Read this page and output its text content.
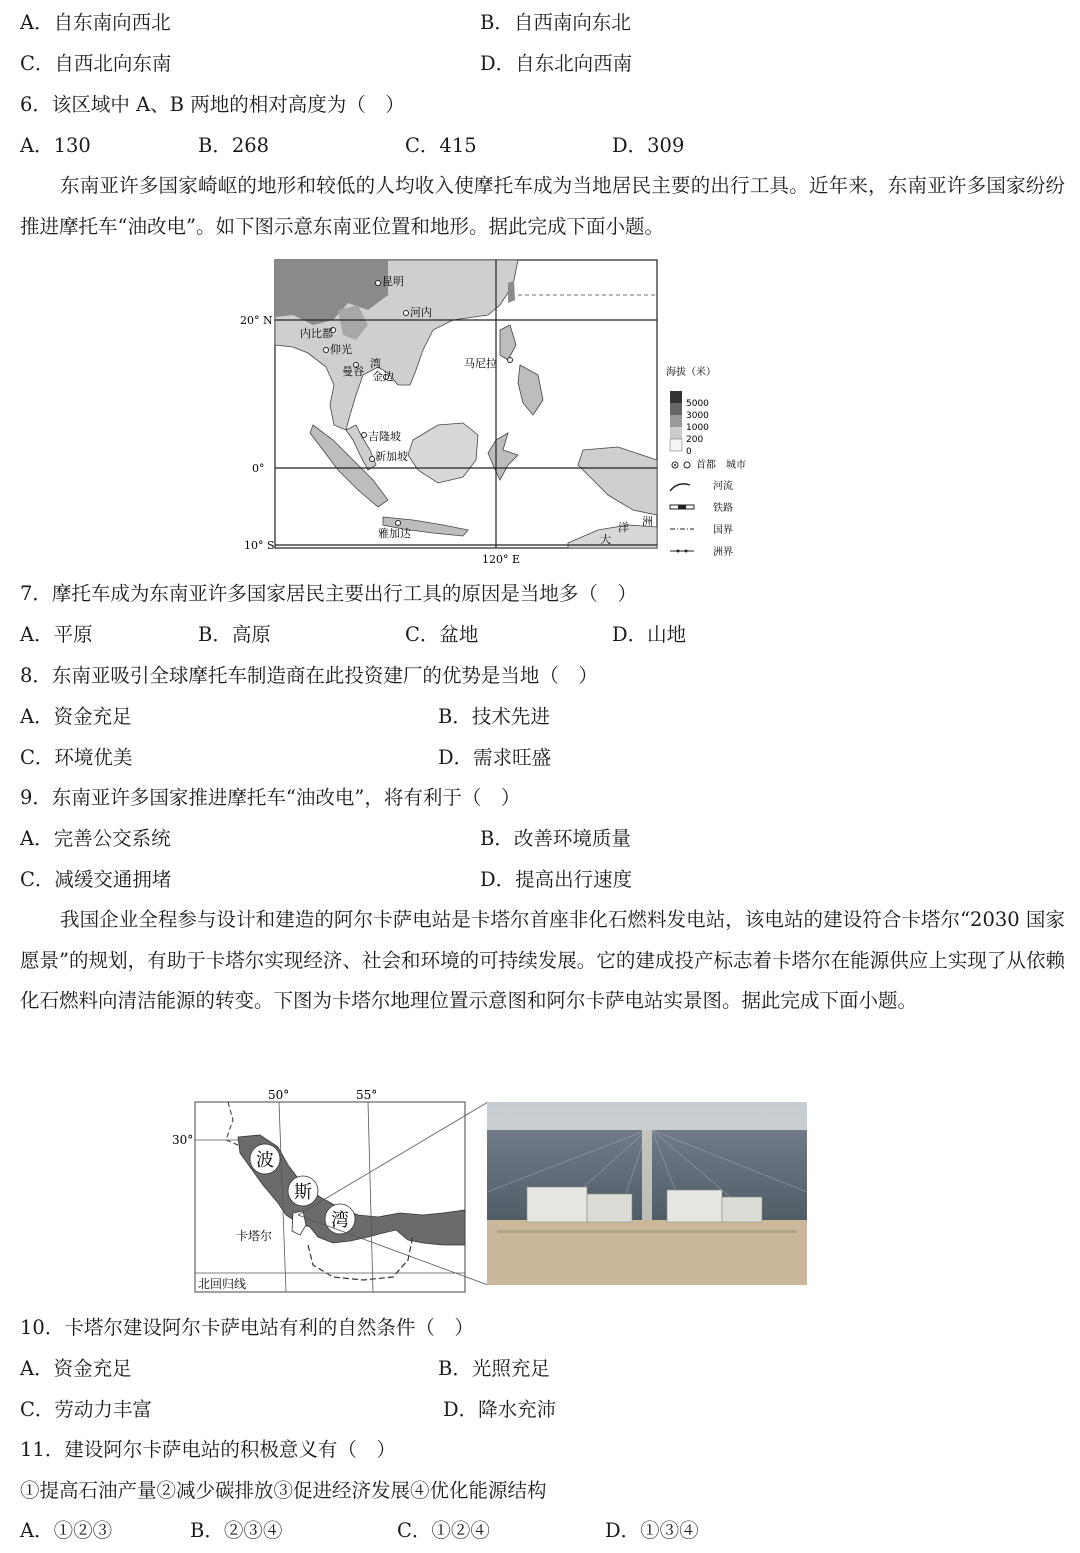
A．自东南向西北	B．自西南向东北
C．自西北向东南	D．自东北向西南
6．该区域中 A、B 两地的相对高度为（　）
A．130	B．268	C．415	D．309
东南亚许多国家崎岖的地形和较低的人均收入使摩托车成为当地居民主要的出行工具。近年来，东南亚许多国家纷纷推进摩托车“油改电”。如下图示意东南亚位置和地形。据此完成下面小题。
20° N
0°
10° S
120° E
昆明
河内
内比都
仰光
曼谷 金边
马尼拉
吉隆坡
新加坡
雅加达	洋 洲
大
湾
海拔（米）
5000
3000
1000
200
0
首都　城市
河流
铁路
国界
洲界
7．摩托车成为东南亚许多国家居民主要出行工具的原因是当地多（　）
A．平原	B．高原	C．盆地	D．山地
8．东南亚吸引全球摩托车制造商在此投资建厂的优势是当地（　）
A．资金充足	B．技术先进
C．环境优美	D．需求旺盛
9．东南亚许多国家推进摩托车“油改电”，将有利于（　）
A．完善公交系统	B．改善环境质量
C．减缓交通拥堵	D．提高出行速度
我国企业全程参与设计和建造的阿尔卡萨电站是卡塔尔首座非化石燃料发电站，该电站的建设符合卡塔尔“2030 国家愿景”的规划，有助于卡塔尔实现经济、社会和环境的可持续发展。它的建成投产标志着卡塔尔在能源供应上实现了从依赖化石燃料向清洁能源的转变。下图为卡塔尔地理位置示意图和阿尔卡萨电站实景图。据此完成下面小题。
波
斯
湾
50°	55°
30°
卡塔尔
北回归线
10．卡塔尔建设阿尔卡萨电站有利的自然条件（　）
A．资金充足	B．光照充足
C．劳动力丰富	D．降水充沛
11．建设阿尔卡萨电站的积极意义有（　）
①提高石油产量②减少碳排放③促进经济发展④优化能源结构
A．①②③	B．②③④	C．①②④	D．①③④
